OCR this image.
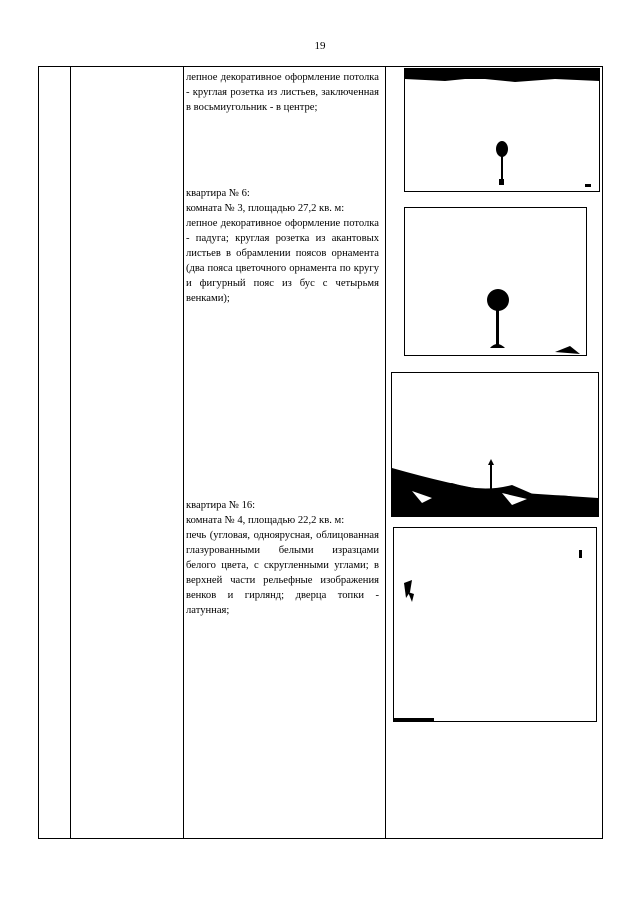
19

лепное декоративное оформление потолка - круглая розетка из листьев, заключенная в восьмиугольник - в центре;

квартира № 6:

комната № 3, площадью 27,2 кв. м:

лепное декоративное оформление потолка - падуга; круглая розетка из акантовых листьев в обрамлении поясов орнамента (два пояса цветочного орнамента по кругу и фигурный пояс из бус с четырьмя венками);

квартира № 16:

комната № 4, площадью 22,2 кв. м:

печь (угловая, одноярусная, облицованная глазурованными белыми изразцами белого цвета, с скругленными углами; в верхней части рельефные изображения венков и гирлянд; дверца топки - латунная;
